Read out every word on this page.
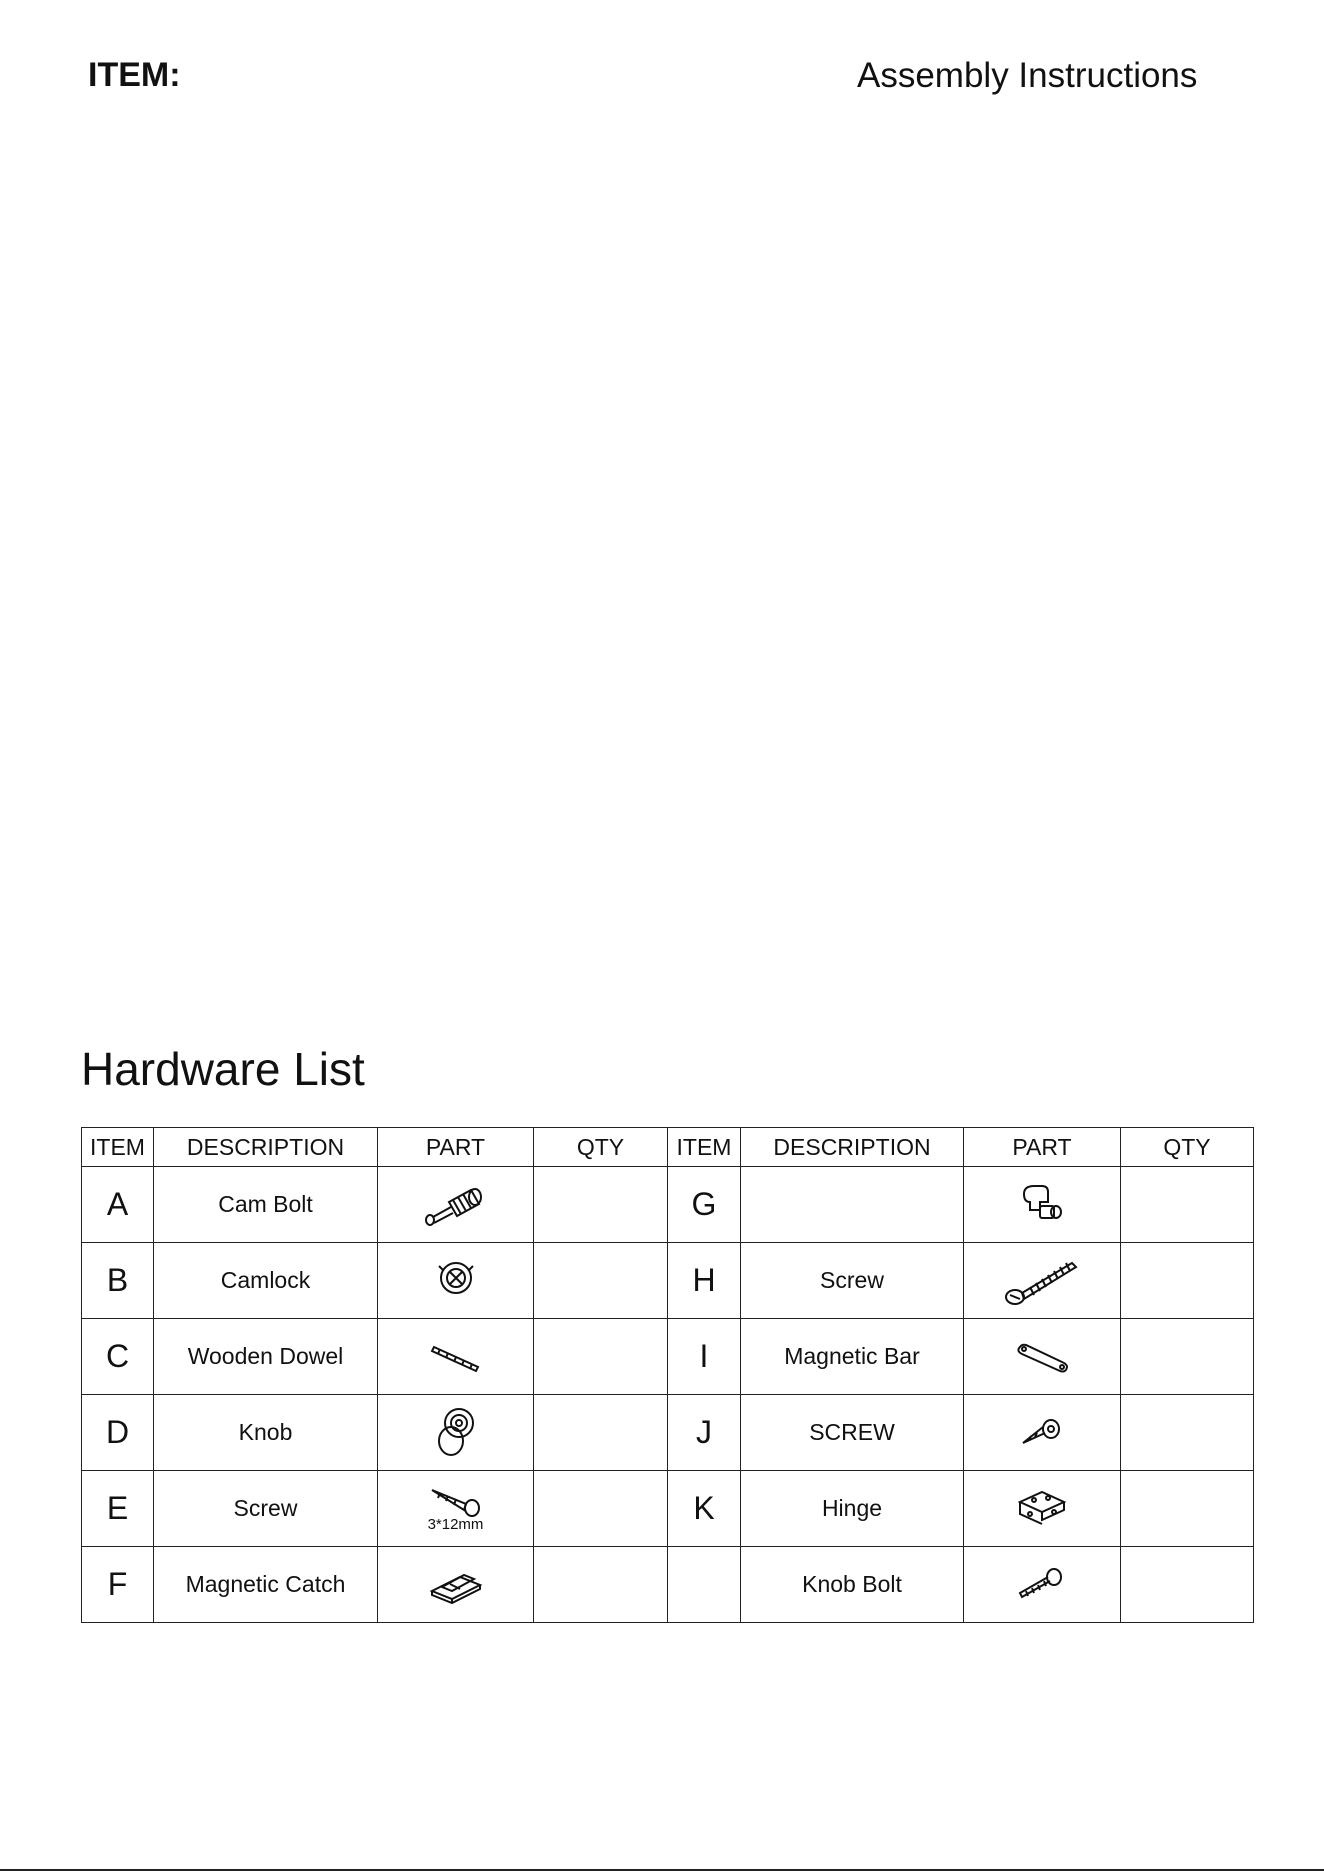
ITEM:	Assembly Instructions
Hardware List
ITEM	DESCRIPTION	PART	QTY	ITEM	DESCRIPTION	PART	QTY
A	Cam Bolt			G		

B	Camlock			H	Screw	

C	Wooden Dowel			I	Magnetic Bar	

D	Knob			J	SCREW	

E	Screw	3*12mm		K	Hinge	

F	Magnetic Catch				Knob Bolt	
